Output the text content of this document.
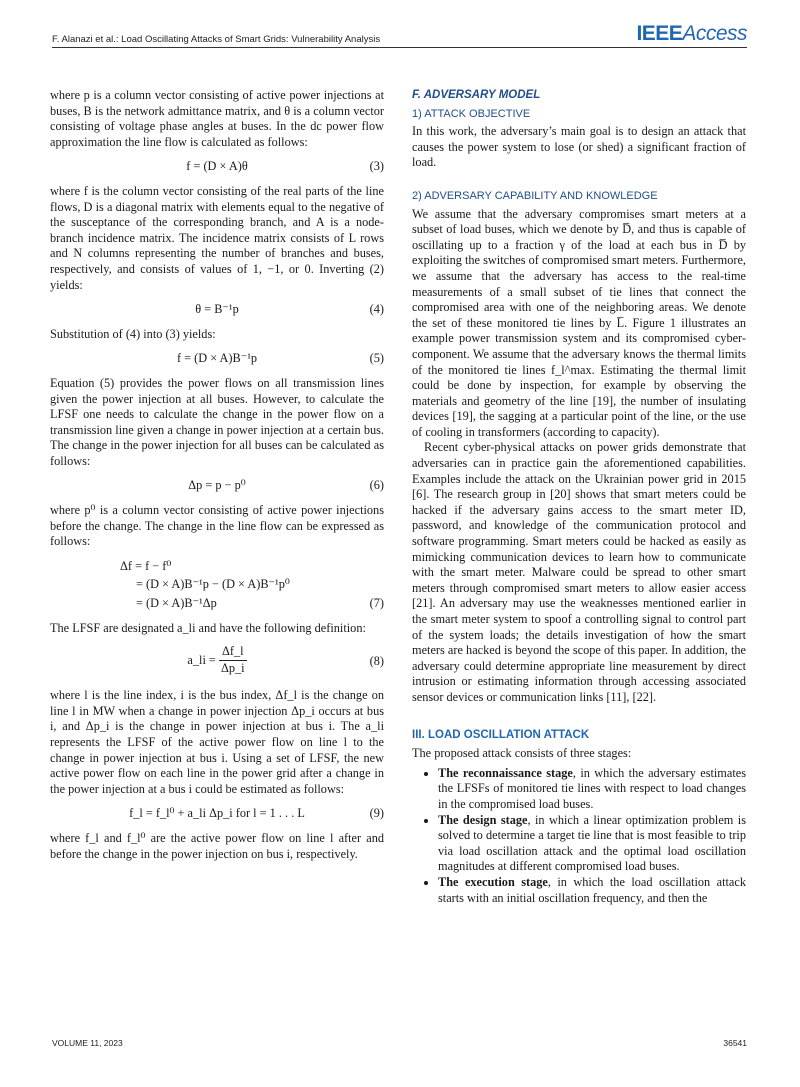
F. Alanazi et al.: Load Oscillating Attacks of Smart Grids: Vulnerability Analysis	IEEEAccess

where p is a column vector consisting of active power injections at buses, B is the network admittance matrix, and θ is a column vector consisting of voltage phase angles at buses. In the dc power flow approximation the line flow is calculated as follows:

f = (D × A)θ	(3)

where f is the column vector consisting of the real parts of the line flows, D is a diagonal matrix with elements equal to the negative of the susceptance of the corresponding branch, and A is a node-branch incidence matrix. The incidence matrix consists of L rows and N columns representing the number of branches and buses, respectively, and consists of values of 1, −1, or 0. Inverting (2) yields:

θ = B⁻¹p	(4)

Substitution of (4) into (3) yields:

f = (D × A)B⁻¹p	(5)

Equation (5) provides the power flows on all transmission lines given the power injection at all buses. However, to calculate the LFSF one needs to calculate the change in the power flow on a transmission line given a change in power injection at a certain bus. The change in the power injection for all buses can be calculated as follows:

Δp = p − p⁰	(6)

where p⁰ is a column vector consisting of active power injections before the change. The change in the line flow can be expressed as follows:

Δf = f − f⁰
= (D × A)B⁻¹p − (D × A)B⁻¹p⁰
= (D × A)B⁻¹Δp	(7)

The LFSF are designated a_li and have the following definition:

a_li = $\frac{\Delta f\_l}{\Delta p\_i}$	(8)

where l is the line index, i is the bus index, Δf_l is the change on line l in MW when a change in power injection Δp_i occurs at bus i, and Δp_i is the change in power injection at bus i. The a_li represents the LFSF of the active power flow on line l to the change in power injection at bus i. Using a set of LFSF, the new active power flow on each line in the power grid after a change in the power injection at a bus i could be estimated as follows:

f_l = f_l⁰ + a_li Δp_i for l = 1 . . . L	(9)

where f_l and f_l⁰ are the active power flow on line l after and before the change in the power injection on bus i, respectively.

F. ADVERSARY MODEL
1) ATTACK OBJECTIVE

In this work, the adversary’s main goal is to design an attack that causes the power system to lose (or shed) a significant fraction of load.

2) ADVERSARY CAPABILITY AND KNOWLEDGE

We assume that the adversary compromises smart meters at a subset of load buses, which we denote by D̅, and thus is capable of oscillating up to a fraction γ of the load at each bus in D̅ by exploiting the switches of compromised smart meters. Furthermore, we assume that the adversary has access to the real-time measurements of a small subset of tie lines that connect the compromised area with one of the neighboring areas. We denote the set of these monitored tie lines by L̅. Figure 1 illustrates an example power transmission system and its compromised cyber-component. We assume that the adversary knows the thermal limits of the monitored tie lines f_l^max. Estimating the thermal limit could be done by inspection, for example by observing the materials and geometry of the line [19], the number of insulating devices [19], the sagging at a particular point of the line, or the use of cooling in transformers (according to capacity).

Recent cyber-physical attacks on power grids demonstrate that adversaries can in practice gain the aforementioned capabilities. Examples include the attack on the Ukrainian power grid in 2015 [6]. The research group in [20] shows that smart meters could be hacked if the adversary gains access to the smart meter ID, password, and knowledge of the communication protocol and software programming. Smart meters could be hacked as easily as mimicking communication devices to learn how to communicate with the smart meter. Malware could be spread to other smart meters through compromised smart meters to allow easier access [21]. An adversary may use the weaknesses mentioned earlier in the smart meter system to spoof a controlling signal to control part of the system loads; the details investigation of how the smart meters are hacked is beyond the scope of this paper. In addition, the adversary could determine appropriate line measurement by direct intrusion or estimating information through accessing associated sensor devices or communication links [11], [22].

III. LOAD OSCILLATION ATTACK

The proposed attack consists of three stages:

• The reconnaissance stage, in which the adversary estimates the LFSFs of monitored tie lines with respect to load changes in the compromised load buses.
• The design stage, in which a linear optimization problem is solved to determine a target tie line that is most feasible to trip via load oscillation attack and the optimal load oscillation magnitudes at different compromised load buses.
• The execution stage, in which the load oscillation attack starts with an initial oscillation frequency, and then the
VOLUME 11, 2023	36541
